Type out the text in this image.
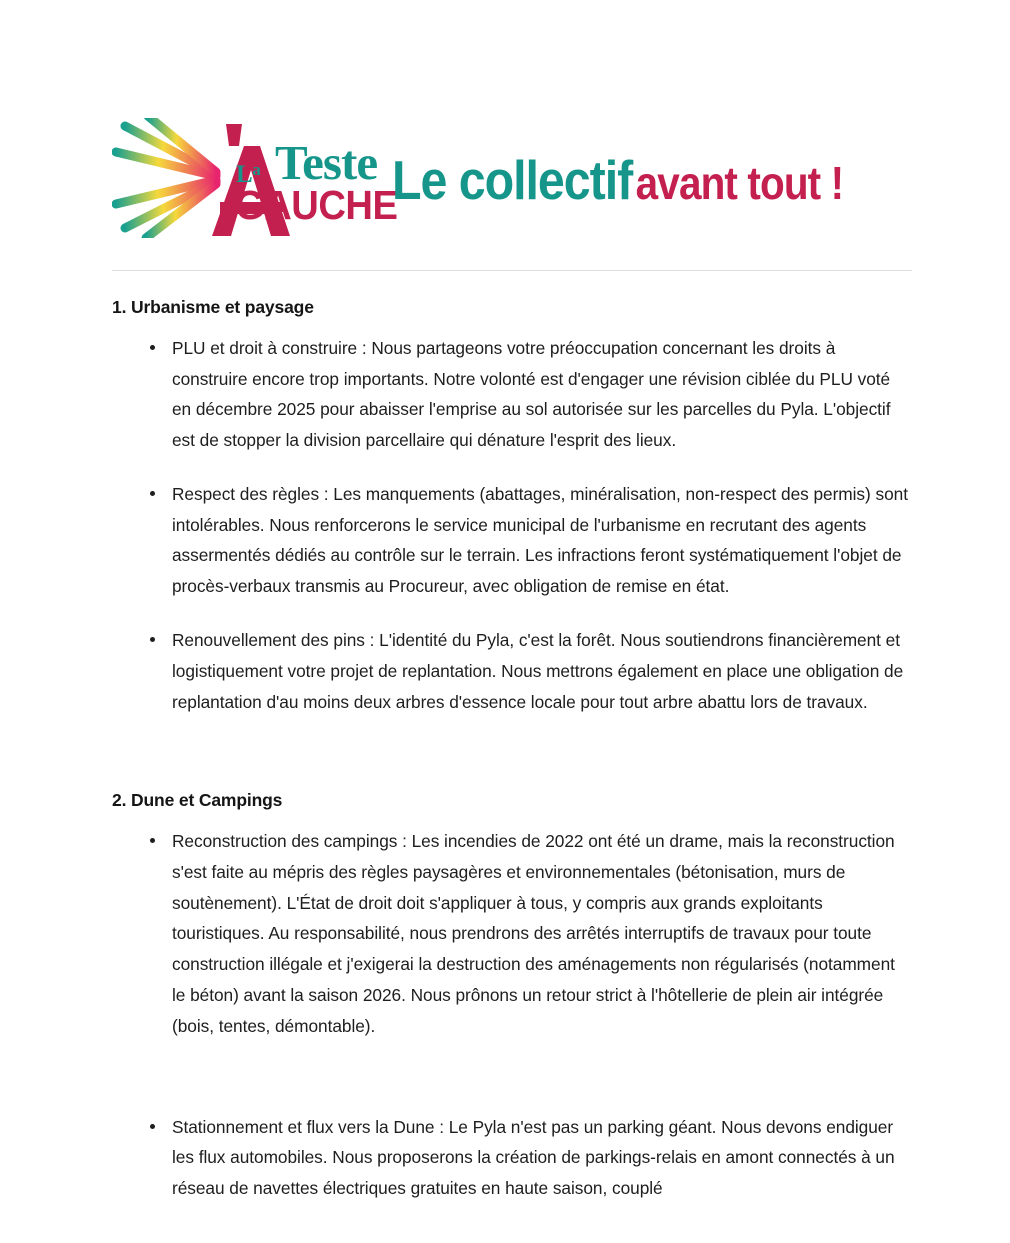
$L^a$ Teste
GAUCHE
Le collectifavant tout !
1. Urbanisme et paysage
PLU et droit à construire : Nous partageons votre préoccupation concernant les droits à construire encore trop importants. Notre volonté est d'engager une révision ciblée du PLU voté en décembre 2025 pour abaisser l'emprise au sol autorisée sur les parcelles du Pyla. L'objectif est de stopper la division parcellaire qui dénature l'esprit des lieux.
Respect des règles : Les manquements (abattages, minéralisation, non-respect des permis) sont intolérables. Nous renforcerons le service municipal de l'urbanisme en recrutant des agents assermentés dédiés au contrôle sur le terrain. Les infractions feront systématiquement l'objet de procès-verbaux transmis au Procureur, avec obligation de remise en état.
Renouvellement des pins : L'identité du Pyla, c'est la forêt. Nous soutiendrons financièrement et logistiquement votre projet de replantation. Nous mettrons également en place une obligation de replantation d'au moins deux arbres d'essence locale pour tout arbre abattu lors de travaux.
2. Dune et Campings
Reconstruction des campings : Les incendies de 2022 ont été un drame, mais la reconstruction s'est faite au mépris des règles paysagères et environnementales (bétonisation, murs de soutènement). L'État de droit doit s'appliquer à tous, y compris aux grands exploitants touristiques. Au responsabilité, nous prendrons des arrêtés interruptifs de travaux pour toute construction illégale et j'exigerai la destruction des aménagements non régularisés (notamment le béton) avant la saison 2026. Nous prônons un retour strict à l'hôtellerie de plein air intégrée (bois, tentes, démontable).
Stationnement et flux vers la Dune : Le Pyla n'est pas un parking géant. Nous devons endiguer les flux automobiles. Nous proposerons la création de parkings-relais en amont connectés à un réseau de navettes électriques gratuites en haute saison, couplé
